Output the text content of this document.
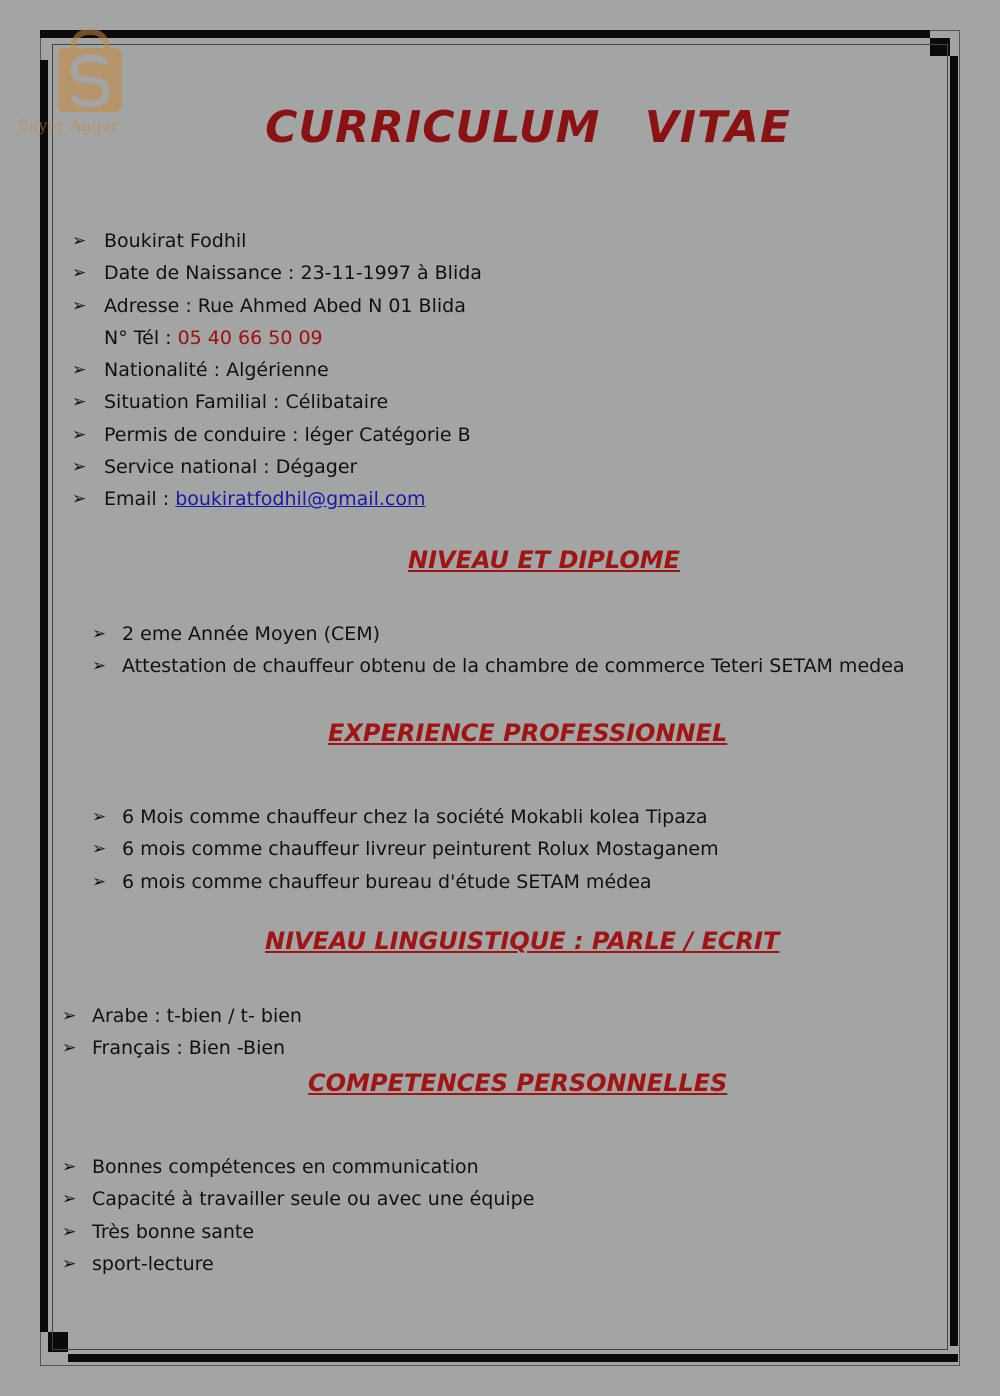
Sayer Agger	CURRICULUM VITAE
➢ Boukirat Fodhil
➢ Date de Naissance : 23-11-1997 à Blida
➢ Adresse : Rue Ahmed Abed N 01 Blida
N° Tél : 05 40 66 50 09
➢ Nationalité : Algérienne
➢ Situation Familial : Célibataire
➢ Permis de conduire : léger Catégorie B
➢ Service national : Dégager
➢ Email : boukiratfodhil@gmail.com
NIVEAU ET DIPLOME
➢ 2 eme Année Moyen (CEM)
➢ Attestation de chauffeur obtenu de la chambre de commerce Teteri SETAM medea
EXPERIENCE PROFESSIONNEL
➢ 6 Mois comme chauffeur chez la société Mokabli kolea Tipaza
➢ 6 mois comme chauffeur livreur peinturent Rolux Mostaganem
➢ 6 mois comme chauffeur bureau d'étude SETAM médea
NIVEAU LINGUISTIQUE : PARLE / ECRIT
➢ Arabe : t-bien / t- bien
➢ Français : Bien -Bien
COMPETENCES PERSONNELLES
➢ Bonnes compétences en communication
➢ Capacité à travailler seule ou avec une équipe
➢ Très bonne sante
➢ sport-lecture
